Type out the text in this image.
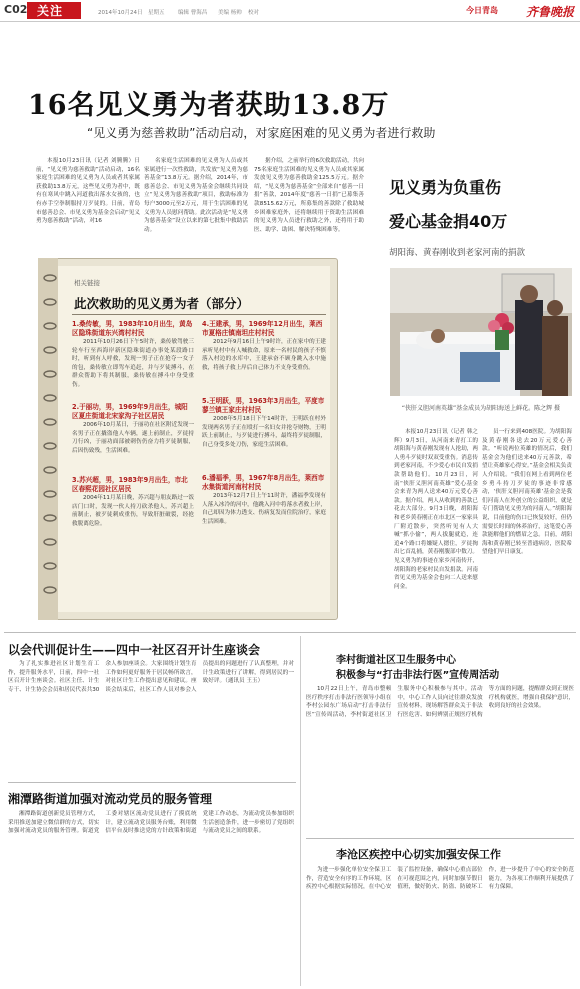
C02 关注	2014年10月24日 星期五 编辑 曹海昌 美编 杨帅 校对	今日青岛 齐鲁晚报
16名见义勇为者获助13.8万
“见义勇为慈善救助”活动启动，对家庭困难的见义勇为者进行救助

本报10月23日讯（记者 刘腾腾）日前，“见义勇为慈善救助”活动启动，16名家庭生活困难的见义勇为人员或者其家属获救助13.8万元，这些见义勇为者中，既有在寒风中跳入河道救出落水女孩的，也有赤手空拳制服持刀歹徒的。日前，青岛市慈善总会、市见义勇为基金会启动“见义勇为慈善救助”活动，对16

名家庭生活困难的见义勇为人员或其家属进行一次性救助，共发放“见义勇为慈善基金”13.8万元。据介绍，2014年，市慈善总会、市见义勇为基金会继续共同设立“见义勇为慈善救助”项目，救助标准为每户3000元至2万元，用于生活困难的见义勇为人员慰问帮助。此次活动是“见义勇为慈善基金”设立以来的第七批集中救助活动。

据介绍，之前举行的6次救助活动，共向75名家庭生活困难的见义勇为人员或其家属发放见义勇为慈善救助金125.5万元。据介绍，“见义勇为慈善基金”全部来自“慈善一日捐”善款，2014年度“慈善一日捐”已募集善款8515.62万元，所募集的善款除了救助城乡困难家庭外，还将继续用于资助生活困难的见义勇为人员进行救助之外，还将用于助医、助学、助困、解决特殊困难等。

见义勇为负重伤
爱心基金捐40万
胡阳海、黄春刚收到老家河南的捐款
“侠肝义胆河南英雄”基金成员为胡阳海送上鲜花。陈之辉 摄

本报10月23日讯（记者 韩之辉）9月3日，从河南来青打工的胡阳海与黄春刚发现有人抢劫，两人勇斗歹徒时双双受重伤。消息传到老家河南，不少爱心市民自发捐款帮助他们。10月23日，河南“侠肝义胆河南英雄”爱心基金会来青为两人送来40万元爱心善款。据介绍，两人从收到的善款已花去大部分。9月3日晚，胡阳海和老乡黄春刚正在市北区一家家具厂附近散步，突然听见有人大喊“抓小偷”，两人拔腿就追，连追4个路口将嫌疑人摁住，歹徒掏出匕首乱捅，黄春刚腹部中数刀。见义勇为的事迹在家乡河南传开，胡阳海的老家村民自发捐款。河南省见义勇为基金会也向二人送来慰问金。

员一行来到408医院。为胡阳海及黄春刚各送去20万元爱心善款。“听说两位英雄的情况后，我们基金会为他们送来40万元善款，希望让英雄家心得安。”基金会相关负责人介绍说。“我们在网上看到两位老乡勇斗持刀歹徒的事迹非常感动，‘侠肝义胆河南英雄’基金会是我们河南人在外创立的公益组织，就是专门帮助见义勇为的河南人。”胡阳海说，目前他的伤口已恢复较好，但仍需要长时间的休养治疗，这笔爱心善款能解他们的燃眉之急。目前，胡阳海和黄春刚已转至普通病房，医院希望他们早日康复。

相关链接
此次救助的见义勇为者（部分）
1.桑传敏，男，1983年10月出生，黄岛区隐珠街道东兴湾村村民

2011年10月26日下午5时许，桑传敏驾驶三轮车行至西海岸新区隐珠街道办事处某段路口时，听到有人呼救，发现一男子正在抢夺一女子的包，桑传敏立即驾车追赶，并与歹徒搏斗，在群众帮助下将其制服，桑传敏在搏斗中身受重伤。

2.于丽功，男，1969年9月出生，城阳区夏庄街道北宋家沟子社区居民

2006年10月某日，于丽功在社区附近发现一名男子正在撬盗他人车辆，遂上前制止，歹徒持刀行凶，于丽功面部被刺伤仍奋力将歹徒制服，后因伤致残，生活困难。

3.苏兴超，男，1983年9月出生，市北区春熙花园社区居民

2004年11月某日晚，苏兴超与朋友路过一饭店门口时，发现一伙人持刀砍杀他人，苏兴超上前制止，被歹徒刺成重伤，导致肝脏破裂，经抢救脱离危险。

4.王建承，男，1969年12月出生，莱西市夏格庄镇南坦庄村村民

2012年9月16日上午9时许，正在家中的王建承听见村中有人喊救命，原来一名村民的孩子不慎落入村边的水库中，王建承奋不顾身跳入水中施救，将孩子救上岸后自己体力不支身受重伤。

5.王明跃，男，1963年3月出生，平度市蓼兰镇王家庄村村民

2008年5月18日下午14时许，王明跃在村外发现两名男子正在殴打一名妇女并抢夺财物，王明跃上前制止，与歹徒进行搏斗，最终将歹徒制服，自己身受多处刀伤，家庭生活困难。

6.潘福季，男，1967年8月出生，莱西市水集街道河南村村民

2013年12月7日上午11时许，潘福季发现有人落入冰冷的河中，他跳入河中将落水者救上岸，自己却因为体力透支、伤病复发而住院治疗，家庭生活困难。

以会代训促计生——四中一社区召开计生座谈会

为了扎实推进社区计划生育工作，提升服务水平，日前，四中一社区召开计生座谈会。社区主任、计生专干、计生协会会员和居民代表共30余人参加座谈会。大家围绕计划生育工作如何更好服务于居民畅所欲言，对社区计生工作提出意见和建议。座谈会结束后，社区工作人员对参会人员提出的问题进行了认真整理，并对计生政策进行了讲解，得到居民的一致好评。（通讯员 王玉）

湘潭路街道加强对流动党员的服务管理

湘潭路街道创新党员管理方式，采用推送加建立微信群的方式，切实加强对流动党员的服务管理。街道党工委对辖区流动党员进行了摸底统计，建立流动党员服务台账，利用微信平台及时推送党的方针政策和街道党建工作动态，为流动党员参加组织生活创造条件，进一步密切了党组织与流动党员之间的联系。

李村街道社区卫生服务中心
积极参与“打击非法行医”宣传周活动

10月22日上午，青岛市整顿医疗秩序打击非法行医领导小组在李村公园东广场启动“打击非法行医”宣传周活动，李村街道社区卫生服务中心积极参与其中。活动中，中心工作人员向过往群众发放宣传材料，现场解答群众关于非法行医危害、如何辨别正规医疗机构等方面的问题，提醒群众到正规医疗机构就医，增强自我保护意识，收到良好的社会效果。

李沧区疾控中心切实加强安保工作

为进一步强化单位安全保卫工作，营造安全有序的工作环境，区疾控中心根据实际情况，在中心安装了监控设备，确保中心重点部位在可视范围之内，同时加强节假日值班，做好防火、防盗、防破坏工作，进一步提升了中心的安全防范能力，为各项工作顺利开展提供了有力保障。
